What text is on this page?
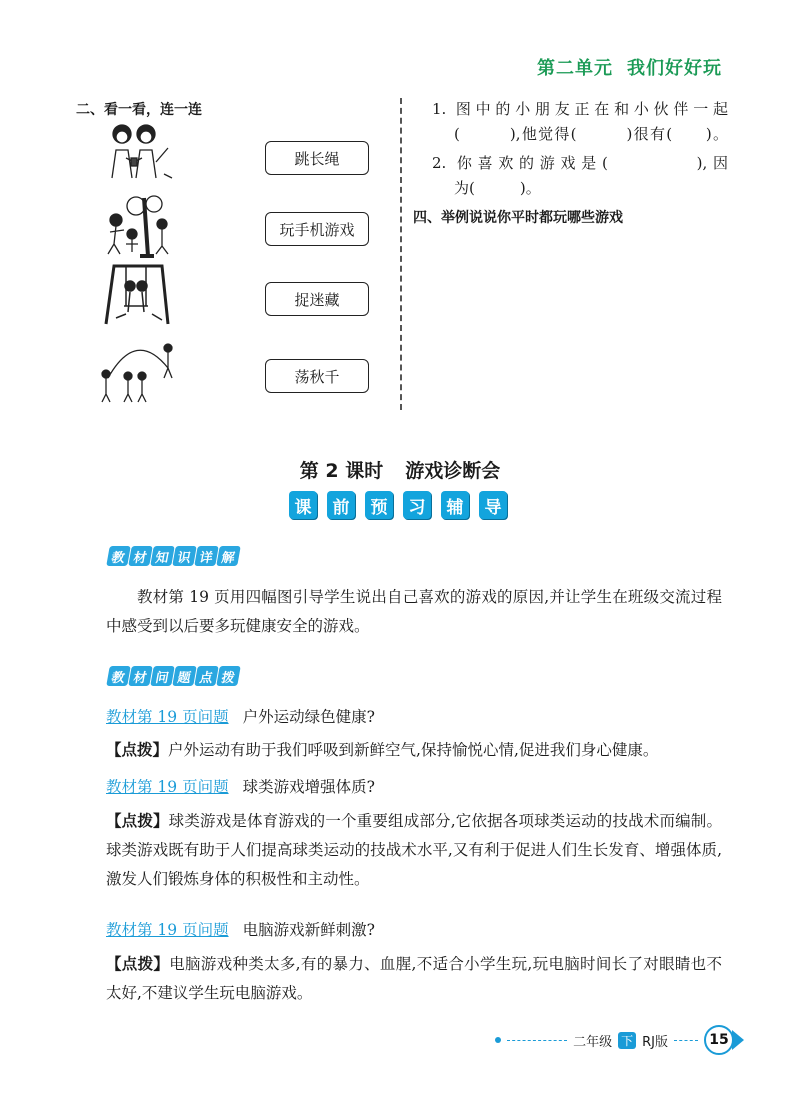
第二单元 我们好好玩
二、看一看，连一连
跳长绳
玩手机游戏
捉迷藏
荡秋千
1. 图中的小朋友正在和小伙伴一起
(　　　),他觉得(　　　)很有(　　)。
2. 你喜欢的游戏是(　　　　),因
为(　　　)。
四、举例说说你平时都玩哪些游戏
第 2 课时 游戏诊断会
课	前	预	习	辅	导
教 材 知 识 详 解
教材第 19 页用四幅图引导学生说出自己喜欢的游戏的原因,并让学生在班级交流过程中感受到以后要多玩健康安全的游戏。
教 材 问 题 点 拨
教材第 19 页问题 户外运动绿色健康?
【点拨】户外运动有助于我们呼吸到新鲜空气,保持愉悦心情,促进我们身心健康。
教材第 19 页问题 球类游戏增强体质?
【点拨】球类游戏是体育游戏的一个重要组成部分,它依据各项球类运动的技战术而编制。球类游戏既有助于人们提高球类运动的技战术水平,又有利于促进人们生长发育、增强体质,激发人们锻炼身体的积极性和主动性。
教材第 19 页问题 电脑游戏新鲜刺激?
【点拨】电脑游戏种类太多,有的暴力、血腥,不适合小学生玩,玩电脑时间长了对眼睛也不太好,不建议学生玩电脑游戏。
二年级 下 RJ版	15
